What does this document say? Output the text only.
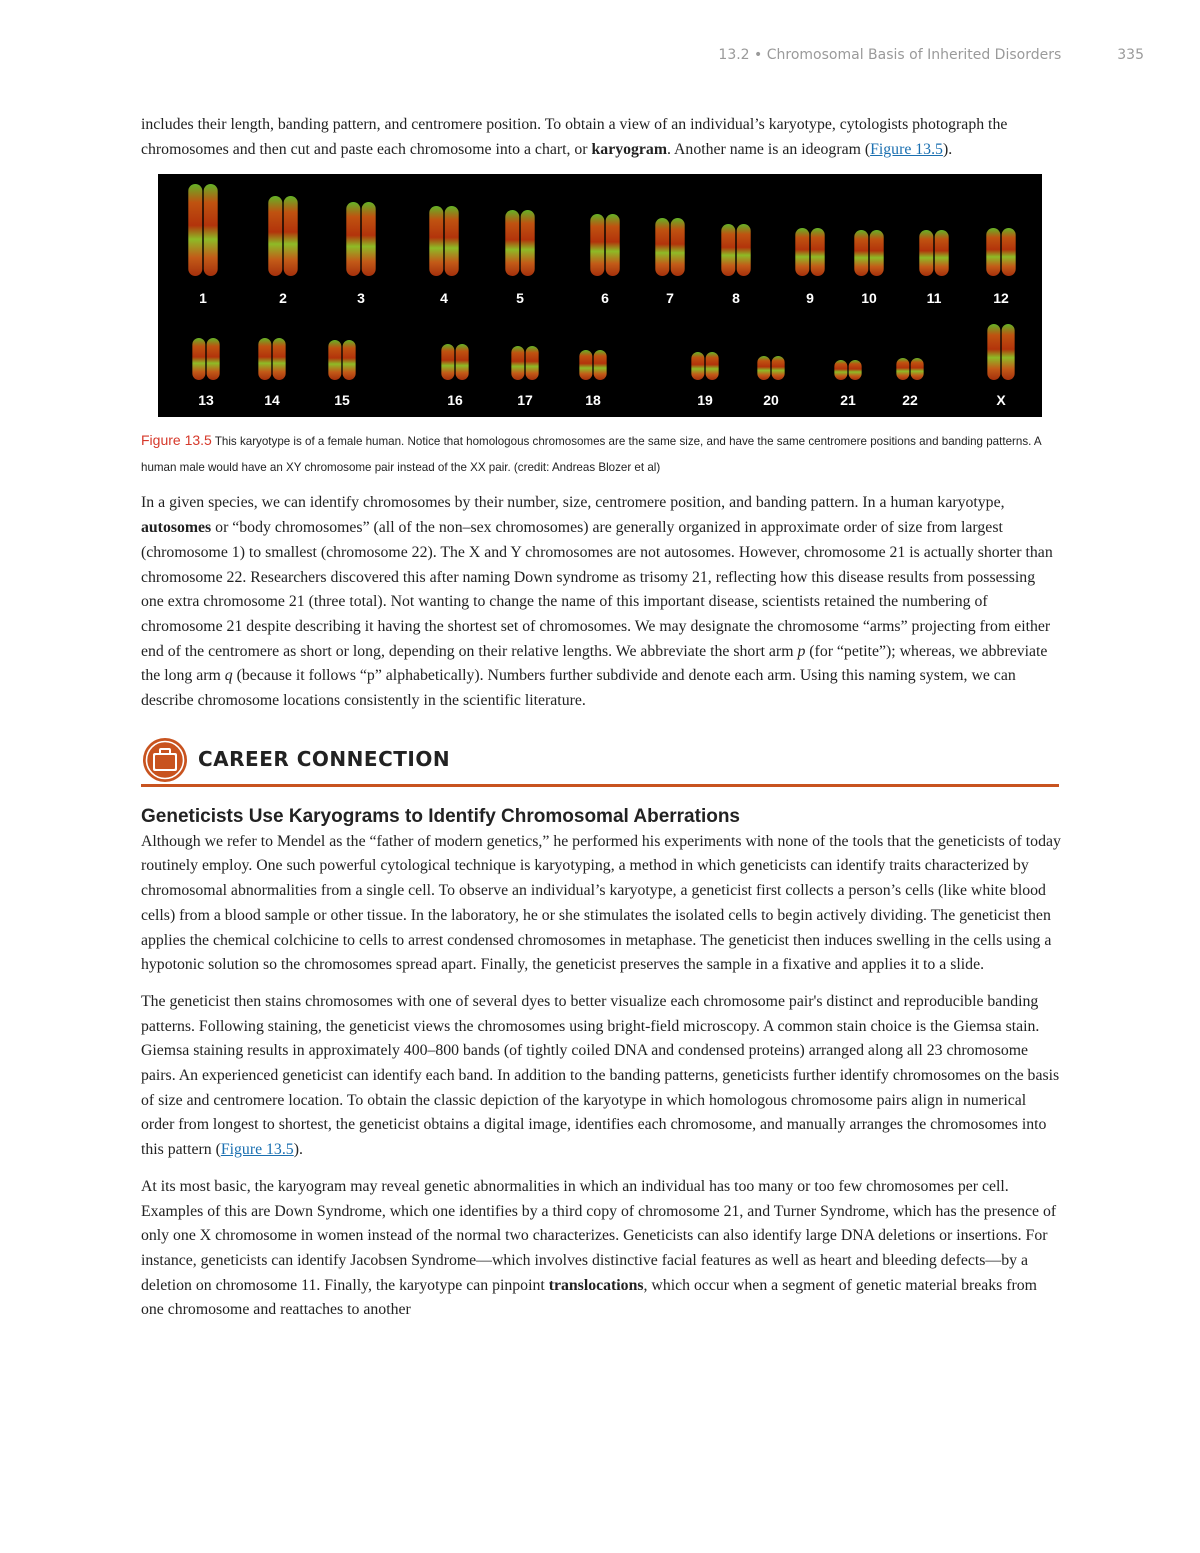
13.2 • Chromosomal Basis of Inherited Disorders	335

includes their length, banding pattern, and centromere position. To obtain a view of an individual’s karyotype, cytologists photograph the chromosomes and then cut and paste each chromosome into a chart, or karyogram. Another name is an ideogram (Figure 13.5).

1	2	3	4	5	6	7	8	9	10	11	12
13	14	15	16	17	18	19	20	21	22	X
Figure 13.5 This karyotype is of a female human. Notice that homologous chromosomes are the same size, and have the same centromere positions and banding patterns. A human male would have an XY chromosome pair instead of the XX pair. (credit: Andreas Blozer et al)

In a given species, we can identify chromosomes by their number, size, centromere position, and banding pattern. In a human karyotype, autosomes or “body chromosomes” (all of the non–sex chromosomes) are generally organized in approximate order of size from largest (chromosome 1) to smallest (chromosome 22). The X and Y chromosomes are not autosomes. However, chromosome 21 is actually shorter than chromosome 22. Researchers discovered this after naming Down syndrome as trisomy 21, reflecting how this disease results from possessing one extra chromosome 21 (three total). Not wanting to change the name of this important disease, scientists retained the numbering of chromosome 21 despite describing it having the shortest set of chromosomes. We may designate the chromosome “arms” projecting from either end of the centromere as short or long, depending on their relative lengths. We abbreviate the short arm p (for “petite”); whereas, we abbreviate the long arm q (because it follows “p” alphabetically). Numbers further subdivide and denote each arm. Using this naming system, we can describe chromosome locations consistently in the scientific literature.

CAREER CONNECTION
Geneticists Use Karyograms to Identify Chromosomal Aberrations

Although we refer to Mendel as the “father of modern genetics,” he performed his experiments with none of the tools that the geneticists of today routinely employ. One such powerful cytological technique is karyotyping, a method in which geneticists can identify traits characterized by chromosomal abnormalities from a single cell. To observe an individual’s karyotype, a geneticist first collects a person’s cells (like white blood cells) from a blood sample or other tissue. In the laboratory, he or she stimulates the isolated cells to begin actively dividing. The geneticist then applies the chemical colchicine to cells to arrest condensed chromosomes in metaphase. The geneticist then induces swelling in the cells using a hypotonic solution so the chromosomes spread apart. Finally, the geneticist preserves the sample in a fixative and applies it to a slide.

The geneticist then stains chromosomes with one of several dyes to better visualize each chromosome pair's distinct and reproducible banding patterns. Following staining, the geneticist views the chromosomes using bright-field microscopy. A common stain choice is the Giemsa stain. Giemsa staining results in approximately 400–800 bands (of tightly coiled DNA and condensed proteins) arranged along all 23 chromosome pairs. An experienced geneticist can identify each band. In addition to the banding patterns, geneticists further identify chromosomes on the basis of size and centromere location. To obtain the classic depiction of the karyotype in which homologous chromosome pairs align in numerical order from longest to shortest, the geneticist obtains a digital image, identifies each chromosome, and manually arranges the chromosomes into this pattern (Figure 13.5).

At its most basic, the karyogram may reveal genetic abnormalities in which an individual has too many or too few chromosomes per cell. Examples of this are Down Syndrome, which one identifies by a third copy of chromosome 21, and Turner Syndrome, which has the presence of only one X chromosome in women instead of the normal two characterizes. Geneticists can also identify large DNA deletions or insertions. For instance, geneticists can identify Jacobsen Syndrome—which involves distinctive facial features as well as heart and bleeding defects—by a deletion on chromosome 11. Finally, the karyotype can pinpoint translocations, which occur when a segment of genetic material breaks from one chromosome and reattaches to another
